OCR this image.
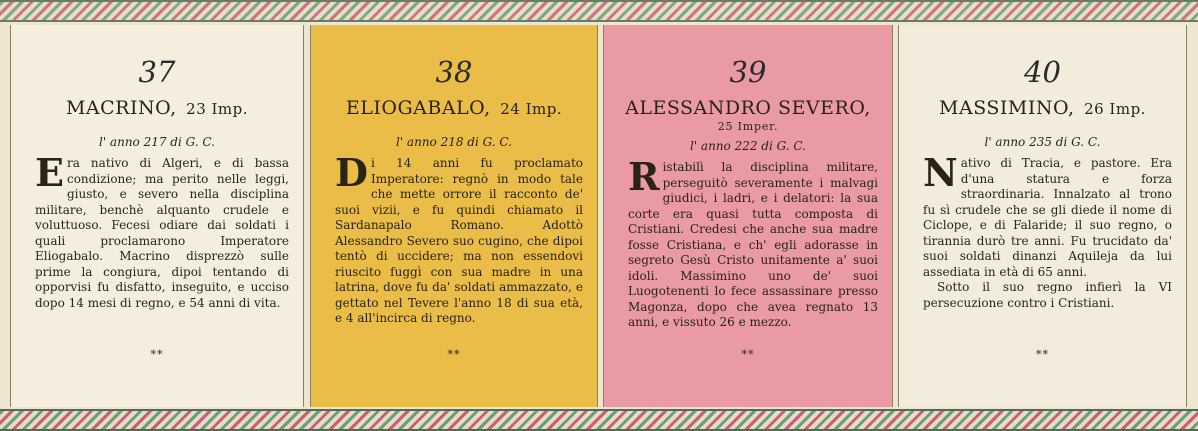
37
MACRINO, 23 Imp.
l' anno 217 di G. C.
Era nativo di Algeri, e di bassa condizione; ma perito nelle leggi, giusto, e severo nella disciplina militare, benchè alquanto crudele e voluttuoso. Fecesi odiare dai soldati i quali proclamarono Imperatore Eliogabalo. Macrino disprezzò sulle prime la congiura, dipoi tentando di opporvisi fu disfatto, inseguito, e ucciso dopo 14 mesi di regno, e 54 anni di vita.
**
38
ELIOGABALO, 24 Imp.
l' anno 218 di G. C.
Di 14 anni fu proclamato Imperatore: regnò in modo tale che mette orrore il racconto de' suoi vizii, e fu quindi chiamato il Sardanapalo Romano. Adottò Alessandro Severo suo cugino, che dipoi tentò di uccidere; ma non essendovi riuscito fuggì con sua madre in una latrina, dove fu da' soldati ammazzato, e gettato nel Tevere l'anno 18 di sua età, e 4 all'incirca di regno.
**
39
ALESSANDRO SEVERO,
25 Imper.
l' anno 222 di G. C.
Ristabilì la disciplina militare, perseguitò severamente i malvagi giudici, i ladri, e i delatori: la sua corte era quasi tutta composta di Cristiani. Credesi che anche sua madre fosse Cristiana, e ch' egli adorasse in segreto Gesù Cristo unitamente a' suoi idoli. Massimino uno de' suoi Luogotenenti lo fece assassinare presso Magonza, dopo che avea regnato 13 anni, e vissuto 26 e mezzo.
**
40
MASSIMINO, 26 Imp.
l' anno 235 di G. C.
Nativo di Tracia, e pastore. Era d'una statura e forza straordinaria. Innalzato al trono fu sì crudele che se gli diede il nome di Ciclope, e di Falaride; il suo regno, o tirannia durò tre anni. Fu trucidato da' suoi soldati dinanzi Aquileja da lui assediata in età di 65 anni.
Sotto il suo regno infierì la VI persecuzione contro i Cristiani.
**
